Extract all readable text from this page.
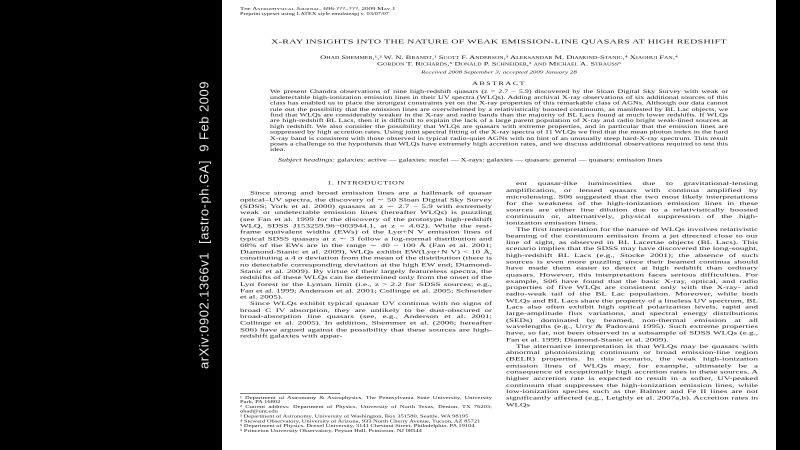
arXiv:0902.1366v1  [astro-ph.GA]  9 Feb 2009
The Astrophysical Journal, 696:???–???, 2009 May 1
Preprint typeset using LATEX style emulateapj v. 03/07/07
X-RAY INSIGHTS INTO THE NATURE OF WEAK EMISSION-LINE QUASARS AT HIGH REDSHIFT
Ohad Shemmer,¹,² W. N. Brandt,¹ Scott F. Anderson,³ Aleksandar M. Diamond-Stanic,⁴ Xiaohui Fan,⁴
Gordon T. Richards,⁵ Donald P. Schneider,¹ and Michael A. Strauss⁶
Received 2008 September 3; accepted 2009 January 28
ABSTRACT

We present Chandra observations of nine high-redshift quasars (z = 2.7 − 5.9) discovered by the Sloan Digital Sky Survey with weak or undetectable high-ionization emission lines in their UV spectra (WLQs). Adding archival X-ray observations of six additional sources of this class has enabled us to place the strongest constraints yet on the X-ray properties of this remarkable class of AGNs. Although our data cannot rule out the possibility that the emission lines are overwhelmed by a relativistically boosted continuum, as manifested by BL Lac objects, we find that WLQs are considerably weaker in the X-ray and radio bands than the majority of BL Lacs found at much lower redshifts. If WLQs are high-redshift BL Lacs, then it is difficult to explain the lack of a large parent population of X-ray and radio bright weak-lined sources at high redshift. We also consider the possibility that WLQs are quasars with extreme properties, and in particular that the emission lines are suppressed by high accretion rates. Using joint spectral fitting of the X-ray spectra of 11 WLQs we find that the mean photon index in the hard X-ray band is consistent with those observed in typical radio-quiet AGNs with no hint of an unusually steep hard-X-ray spectrum. This result poses a challenge to the hypothesis that WLQs have extremely high accretion rates, and we discuss additional observations required to test this idea.

Subject headings: galaxies: active — galaxies: nuclei — X-rays: galaxies — quasars: general — quasars: emission lines

1. INTRODUCTION

Since strong and broad emission lines are a hallmark of quasar optical–UV spectra, the discovery of ∼ 50 Sloan Digital Sky Survey (SDSS; York et al. 2000) quasars at z ∼ 2.7 − 5.9 with extremely weak or undetectable emission lines (hereafter WLQs) is puzzling (see Fan et al. 1999 for the discovery of the prototype high-redshift WLQ, SDSS J153259.96−003944.1, at z = 4.62). While the rest-frame equivalent widths (EWs) of the Lyα+N V emission lines of typical SDSS quasars at z ∼ 3 follow a log-normal distribution and 68% of the EWs are in the range ∼ 40 − 100 Å (Fan et al. 2001; Diamond-Stanic et al. 2009), WLQs exhibit EW(Lyα+N V) < 10 Å, constituting a 4 σ deviation from the mean of the distribution (there is no detectable corresponding deviation at the high EW end; Diamond-Stanic et al. 2009). By virtue of their largely featureless spectra, the redshifts of these WLQs can be determined only from the onset of the Lyα forest or the Lyman limit (i.e., z > 2.2 for SDSS sources; e.g., Fan et al. 1999; Anderson et al. 2001; Collinge et al. 2005; Schneider et al. 2005).

Since WLQs exhibit typical quasar UV continua with no signs of broad C IV absorption, they are unlikely to be dust-obscured or broad-absorption line quasars (see, e.g., Anderson et al. 2001; Collinge et al. 2005). In addition, Shemmer et al. (2006; hereafter S06) have argued against the possibility that these sources are high-redshift galaxies with appar-

¹ Department of Astronomy & Astrophysics, The Pennsylvania State University, University Park, PA 16802
² Current address: Department of Physics, University of North Texas, Denton, TX 76203; ohad@unt.edu
³ Department of Astronomy, University of Washington, Box 351580, Seattle, WA 98195
⁴ Steward Observatory, University of Arizona, 933 North Cherry Avenue, Tucson, AZ 85721
⁵ Department of Physics, Drexel University, 3141 Chestnut Street, Philadelphia, PA 19104
⁶ Princeton University Observatory, Peyton Hall, Princeton, NJ 08544

ent quasar-like luminosities due to gravitational-lensing amplification, or lensed quasars with continua amplified by microlensing. S06 suggested that the two most likely interpretations for the weakness of the high-ionization emission lines in these sources are either line dilution due to a relativistically boosted continuum or, alternatively, physical suppression of the high-ionization emission lines.

The first interpretation for the nature of WLQs involves relativistic beaming of the continuum emission from a jet directed close to our line of sight, as observed in BL Lacertae objects (BL Lacs). This scenario implies that the SDSS may have discovered the long-sought, high-redshift BL Lacs (e.g., Stocke 2001); the absence of such sources is even more puzzling since their beamed continua should have made them easier to detect at high redshift than ordinary quasars. However, this interpretation faces serious difficulties. For example, S06 have found that the basic X-ray, optical, and radio properties of five WLQs are consistent only with the X-ray- and radio-weak tail of the BL Lac population. Moreover, while both WLQs and BL Lacs share the property of a lineless UV spectrum, BL Lacs also often exhibit high optical polarization levels, rapid and large-amplitude flux variations, and spectral energy distributions (SEDs) dominated by beamed, non-thermal emission at all wavelengths (e.g., Urry & Padovani 1995). Such extreme properties have, so far, not been observed in a subsample of SDSS WLQs (e.g., Fan et al. 1999; Diamond-Stanic et al. 2009).

The alternative interpretation is that WLQs may be quasars with abnormal photoionizing continuum or broad emission-line region (BELR) properties. In this scenario, the weak high-ionization emission lines of WLQs may, for example, ultimately be a consequence of exceptionally high accretion rates in these sources. A higher accretion rate is expected to result in a softer, UV-peaked continuum that suppresses the high-ionization emission lines, while low-ionization species such as the Balmer and Fe II lines are not significantly affected (e.g., Leighly et al. 2007a,b). Accretion rates in WLQs
